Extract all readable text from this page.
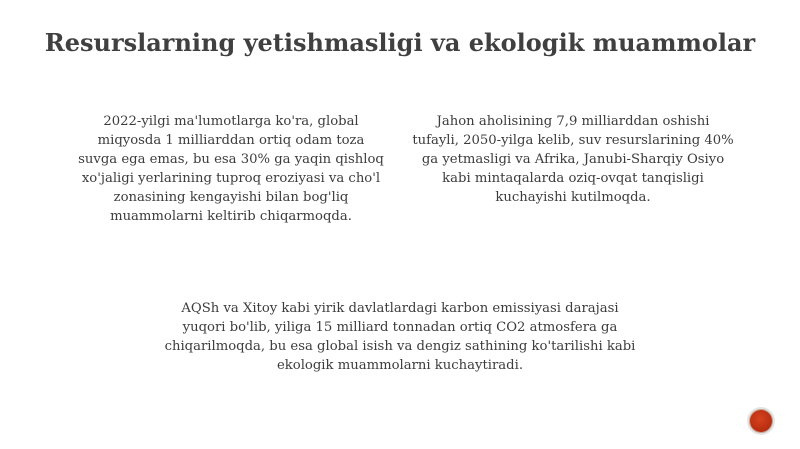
Resurslarning yetishmasligi va ekologik muammolar
2022-yilgi ma'lumotlarga ko'ra, global
miqyosda 1 milliarddan ortiq odam toza
suvga ega emas, bu esa 30% ga yaqin qishloq
xo'jaligi yerlarining tuproq eroziyasi va cho'l
zonasining kengayishi bilan bog'liq
muammolarni keltirib chiqarmoqda.
Jahon aholisining 7,9 milliarddan oshishi
tufayli, 2050-yilga kelib, suv resurslarining 40%
ga yetmasligi va Afrika, Janubi-Sharqiy Osiyo
kabi mintaqalarda oziq-ovqat tanqisligi
kuchayishi kutilmoqda.
AQSh va Xitoy kabi yirik davlatlardagi karbon emissiyasi darajasi
yuqori bo'lib, yiliga 15 milliard tonnadan ortiq CO2 atmosfera ga
chiqarilmoqda, bu esa global isish va dengiz sathining ko'tarilishi kabi
ekologik muammolarni kuchaytiradi.
